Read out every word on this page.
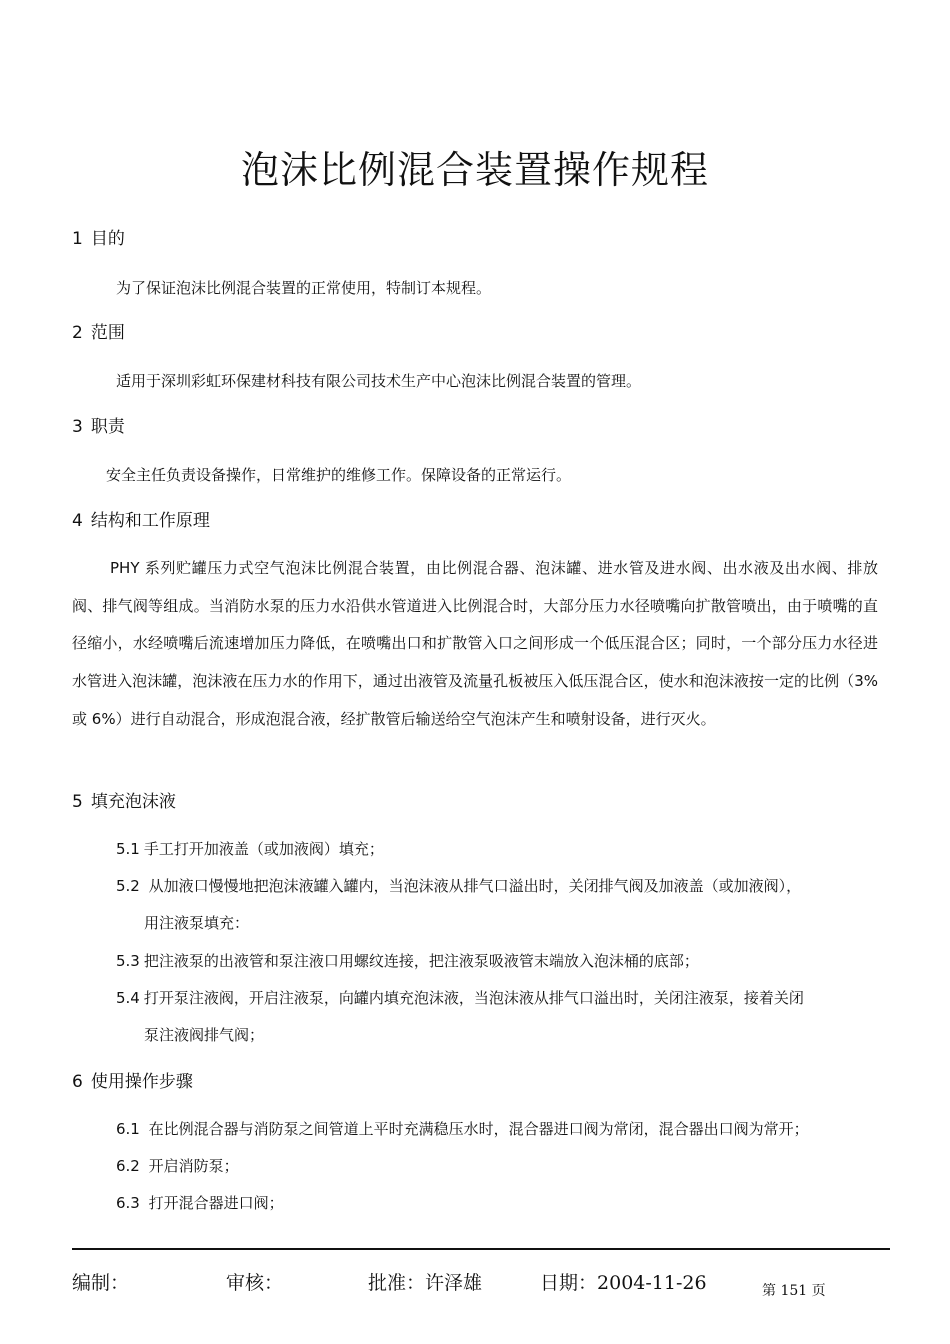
泡沫比例混合装置操作规程
1 目的
为了保证泡沫比例混合装置的正常使用，特制订本规程。
2 范围
适用于深圳彩虹环保建材科技有限公司技术生产中心泡沫比例混合装置的管理。
3 职责
安全主任负责设备操作，日常维护的维修工作。保障设备的正常运行。
4 结构和工作原理
PHY 系列贮罐压力式空气泡沫比例混合装置，由比例混合器、泡沫罐、进水管及进水阀、出水液及出水阀、排放阀、排气阀等组成。当消防水泵的压力水沿供水管道进入比例混合时，大部分压力水径喷嘴向扩散管喷出，由于喷嘴的直径缩小，水经喷嘴后流速增加压力降低，在喷嘴出口和扩散管入口之间形成一个低压混合区；同时，一个部分压力水径进水管进入泡沫罐，泡沫液在压力水的作用下，通过出液管及流量孔板被压入低压混合区，使水和泡沫液按一定的比例（3%或 6%）进行自动混合，形成泡混合液，经扩散管后输送给空气泡沫产生和喷射设备，进行灭火。
5 填充泡沫液
5.1 手工打开加液盖（或加液阀）填充；
5.2 从加液口慢慢地把泡沫液罐入罐内，当泡沫液从排气口溢出时，关闭排气阀及加液盖（或加液阀），
用注液泵填充：
5.3 把注液泵的出液管和泵注液口用螺纹连接，把注液泵吸液管末端放入泡沫桶的底部；
5.4 打开泵注液阀，开启注液泵，向罐内填充泡沫液，当泡沫液从排气口溢出时，关闭注液泵，接着关闭
泵注液阀排气阀；
6 使用操作步骤
6.1 在比例混合器与消防泵之间管道上平时充满稳压水时，混合器进口阀为常闭，混合器出口阀为常开；
6.2 开启消防泵；
6.3 打开混合器进口阀；
编制：	审核：	批准：许泽雄	日期：2004-11-26	第 151 页
